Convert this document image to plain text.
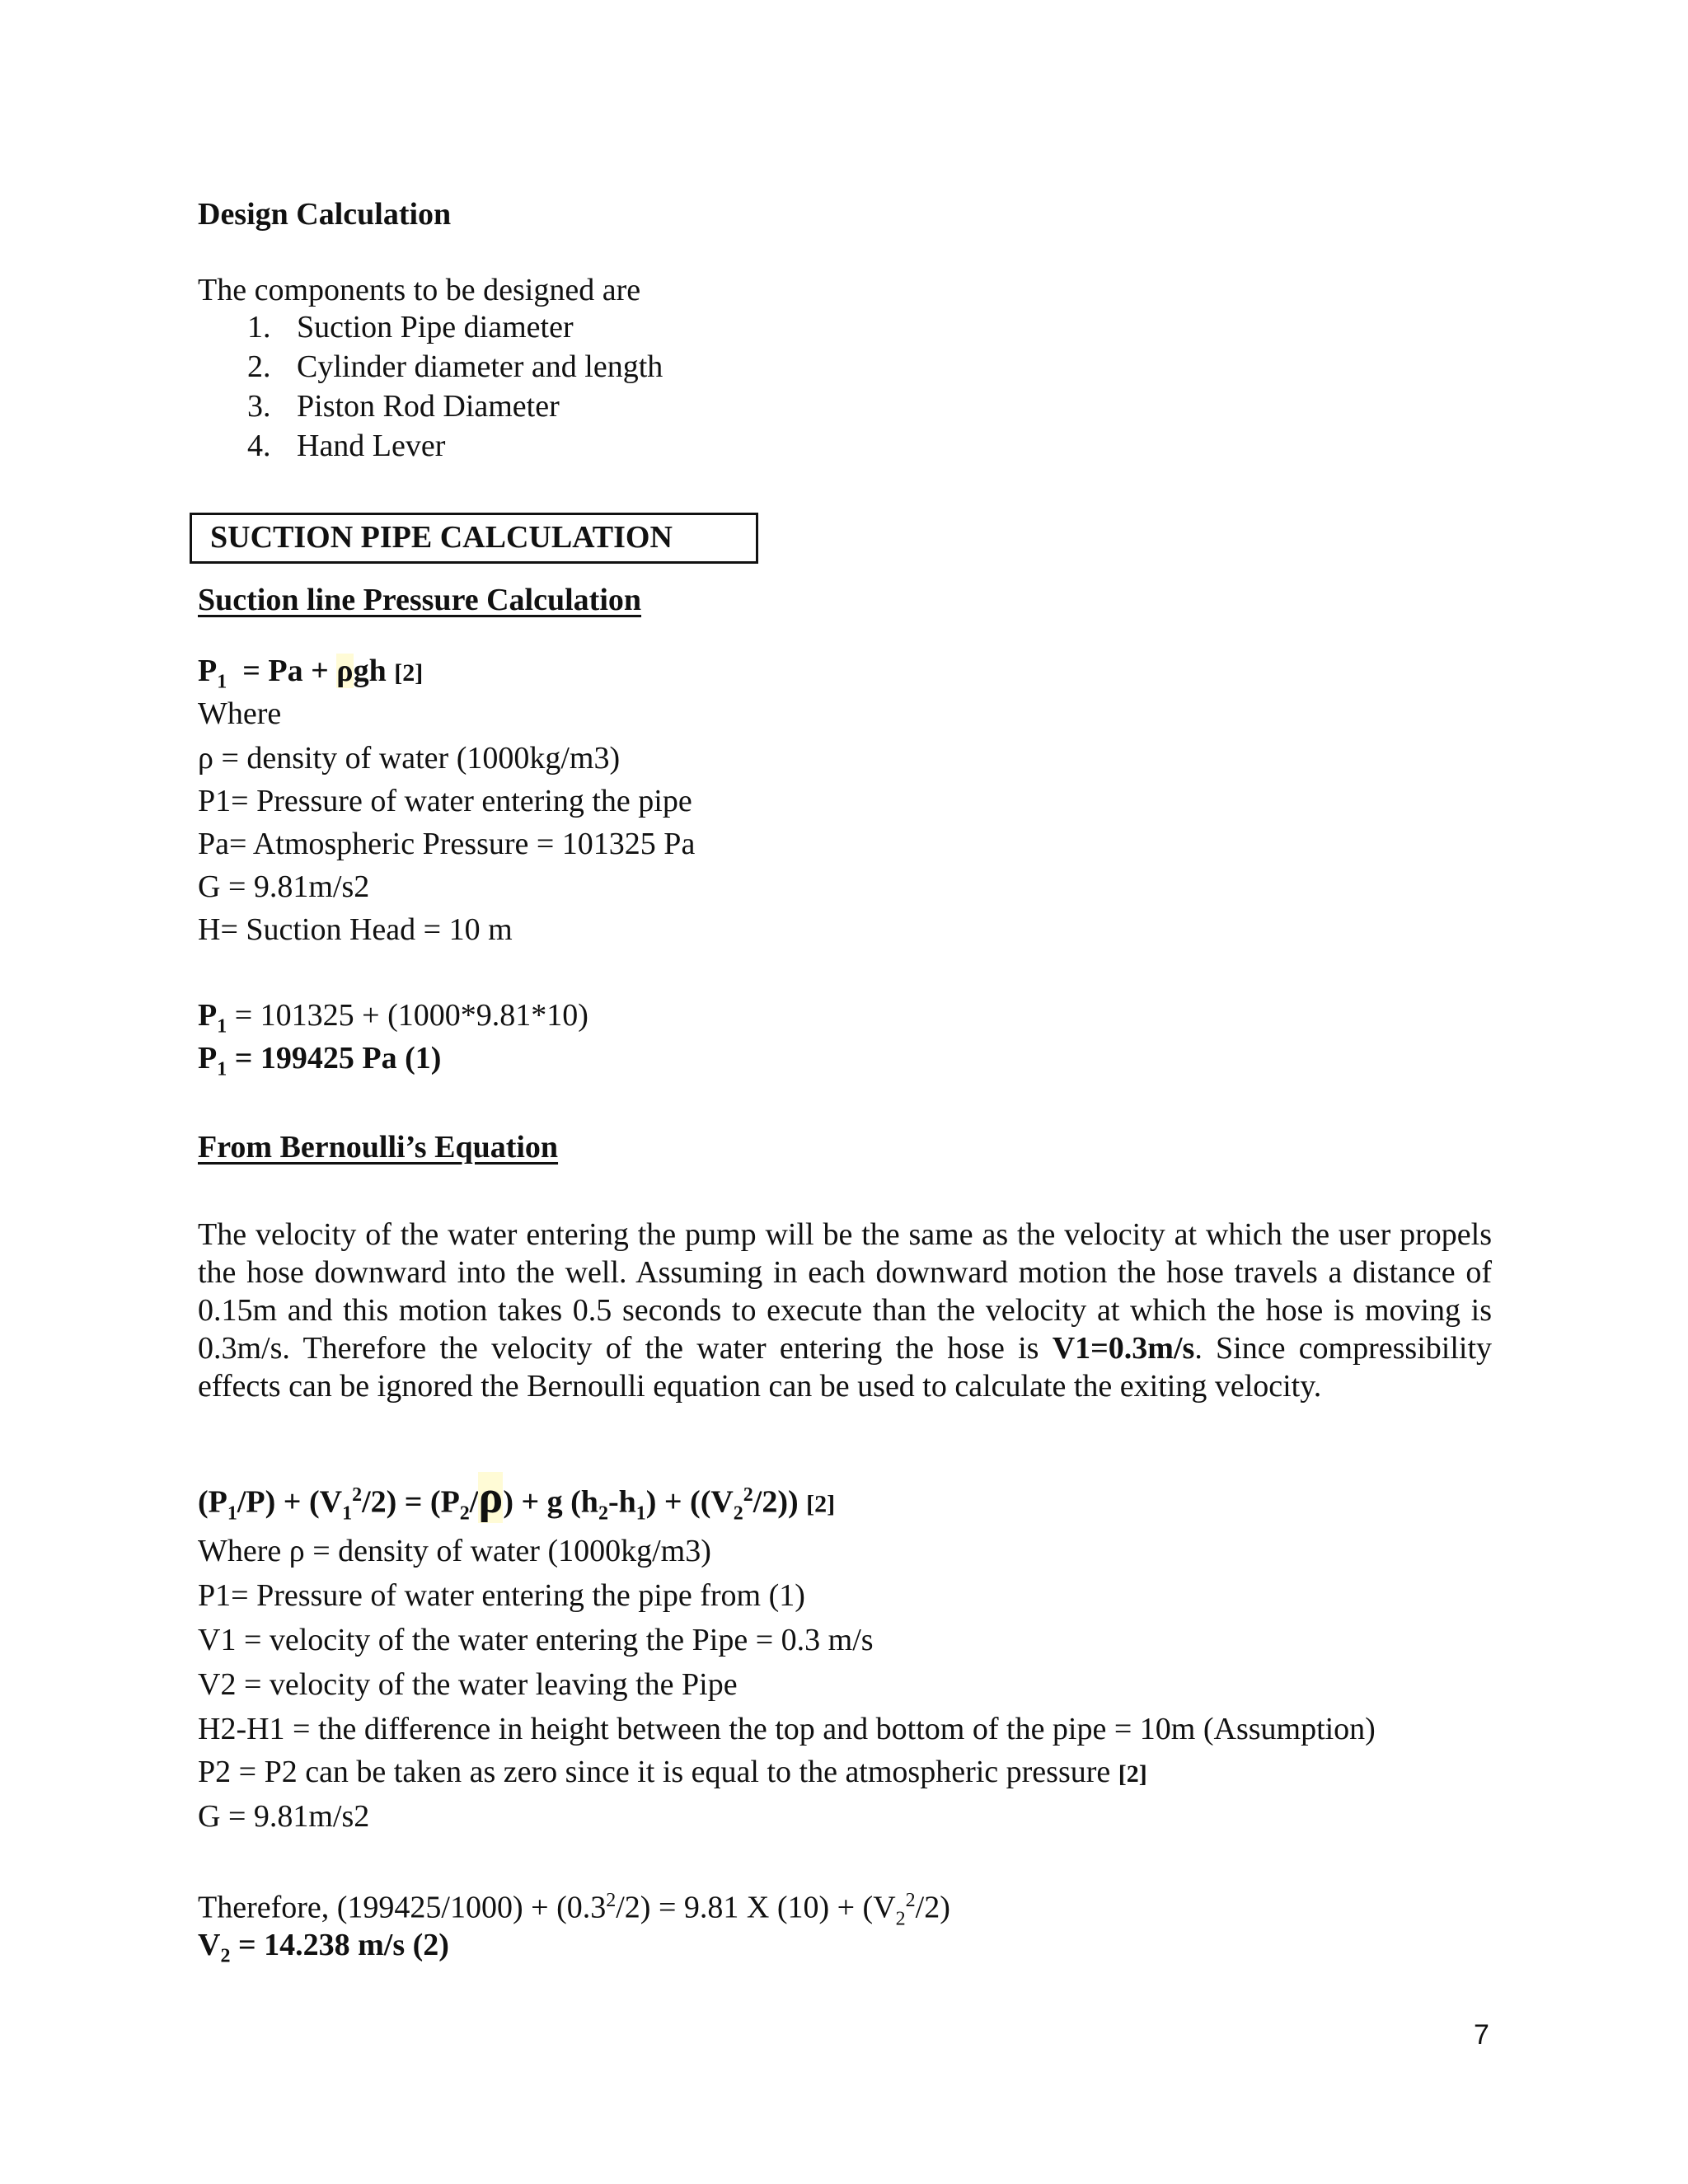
Design Calculation
The components to be designed are
1. Suction Pipe diameter
2. Cylinder diameter and length
3. Piston Rod Diameter
4. Hand Lever
SUCTION PIPE CALCULATION
Suction line Pressure Calculation
$P_1 = Pa + \rho gh$ [2]
Where
ρ = density of water (1000kg/m3)
P1= Pressure of water entering the pipe
Pa= Atmospheric Pressure = 101325 Pa
G = 9.81m/s2
H= Suction Head = 10 m
$P_1 = 101325 + (1000*9.81*10)$
$P_1 = 199425$ Pa (1)
From Bernoulli’s Equation
The velocity of the water entering the pump will be the same as the velocity at which the user propels the hose downward into the well. Assuming in each downward motion the hose travels a distance of 0.15m and this motion takes 0.5 seconds to execute than the velocity at which the hose is moving is 0.3m/s. Therefore the velocity of the water entering the hose is V1=0.3m/s. Since compressibility effects can be ignored the Bernoulli equation can be used to calculate the exiting velocity.
$(P_1/P) + (V_1^2/2) = (P_2/\rho) + g$ $(h_2-h_1) + ((V_2^2/2))$ [2]
Where ρ = density of water (1000kg/m3)
P1= Pressure of water entering the pipe from (1)
V1 = velocity of the water entering the Pipe = 0.3 m/s
V2 = velocity of the water leaving the Pipe
H2-H1 = the difference in height between the top and bottom of the pipe = 10m (Assumption)
P2 = P2 can be taken as zero since it is equal to the atmospheric pressure [2]
G = 9.81m/s2
Therefore, $(199425/1000) + (0.3^2/2) = 9.81$ X $(10) + (V_2^2/2)$
$V_2 = 14.238$ m/s (2)
7
